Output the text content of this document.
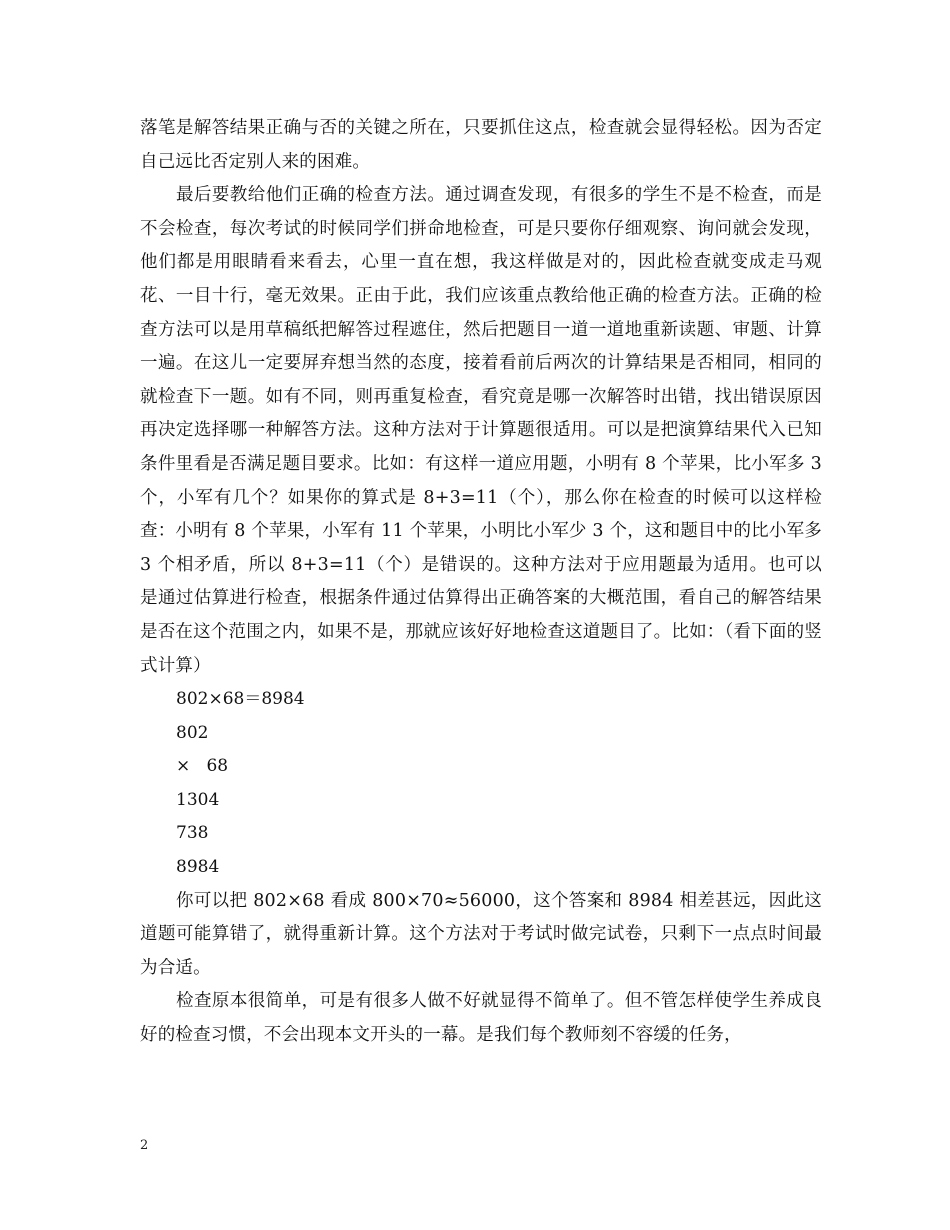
落笔是解答结果正确与否的关键之所在，只要抓住这点，检查就会显得轻松。因为否定自己远比否定别人来的困难。

最后要教给他们正确的检查方法。通过调查发现，有很多的学生不是不检查，而是不会检查，每次考试的时候同学们拼命地检查，可是只要你仔细观察、询问就会发现，他们都是用眼睛看来看去，心里一直在想，我这样做是对的，因此检查就变成走马观花、一目十行，毫无效果。正由于此，我们应该重点教给他正确的检查方法。正确的检查方法可以是用草稿纸把解答过程遮住，然后把题目一道一道地重新读题、审题、计算一遍。在这儿一定要屏弃想当然的态度，接着看前后两次的计算结果是否相同，相同的就检查下一题。如有不同，则再重复检查，看究竟是哪一次解答时出错，找出错误原因再决定选择哪一种解答方法。这种方法对于计算题很适用。可以是把演算结果代入已知条件里看是否满足题目要求。比如：有这样一道应用题，小明有 8 个苹果，比小军多 3 个，小军有几个？如果你的算式是 8+3=11（个），那么你在检查的时候可以这样检查：小明有 8 个苹果，小军有 11 个苹果，小明比小军少 3 个，这和题目中的比小军多 3 个相矛盾，所以 8+3=11（个）是错误的。这种方法对于应用题最为适用。也可以是通过估算进行检查，根据条件通过估算得出正确答案的大概范围，看自己的解答结果是否在这个范围之内，如果不是，那就应该好好地检查这道题目了。比如：（看下面的竖式计算）

802×68＝8984

802

×   68

1304

738

8984

你可以把 802×68 看成 800×70≈56000，这个答案和 8984 相差甚远，因此这道题可能算错了，就得重新计算。这个方法对于考试时做完试卷，只剩下一点点时间最为合适。

检查原本很简单，可是有很多人做不好就显得不简单了。但不管怎样使学生养成良好的检查习惯，不会出现本文开头的一幕。是我们每个教师刻不容缓的任务，

2
